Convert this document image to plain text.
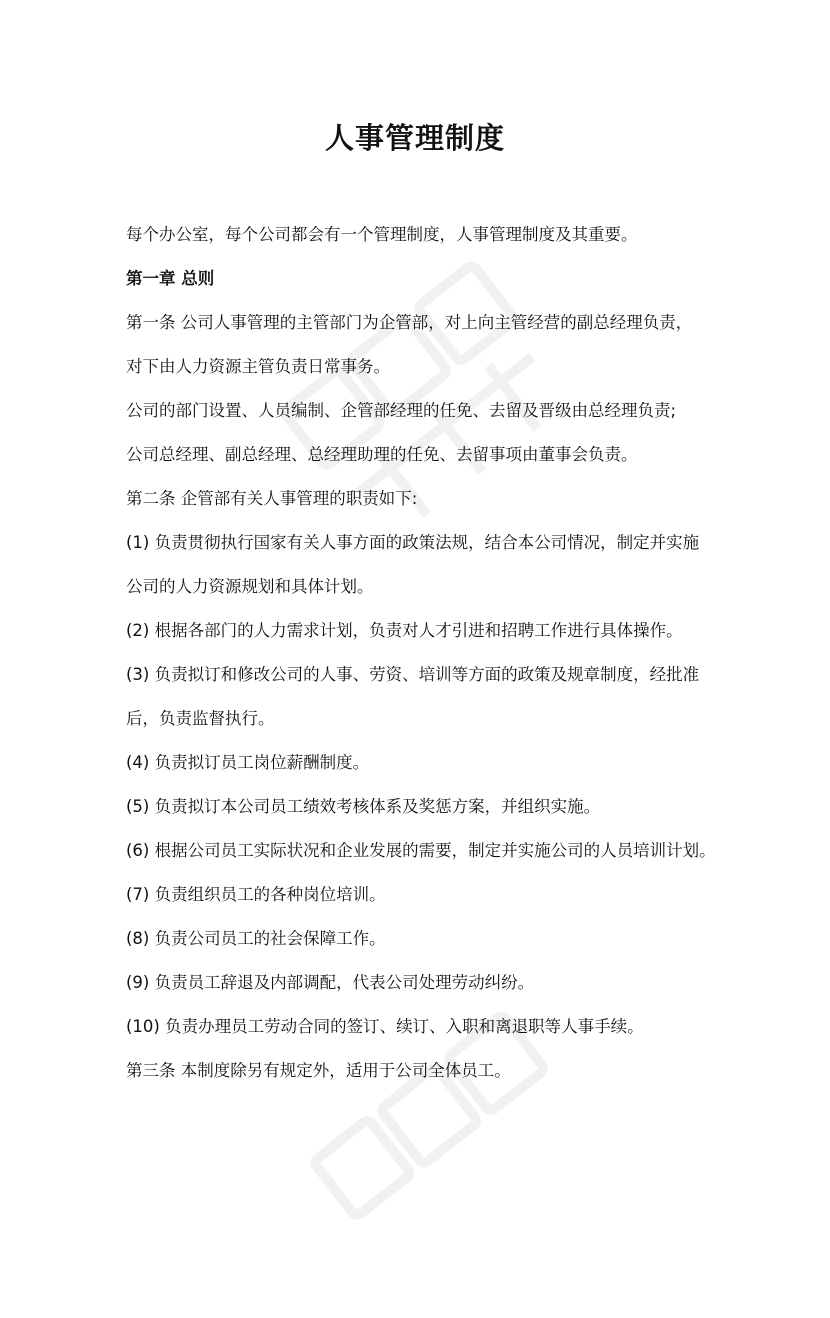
人事管理制度
每个办公室，每个公司都会有一个管理制度，人事管理制度及其重要。
第一章 总则
第一条 公司人事管理的主管部门为企管部，对上向主管经营的副总经理负责，
对下由人力资源主管负责日常事务。
公司的部门设置、人员编制、企管部经理的任免、去留及晋级由总经理负责;
公司总经理、副总经理、总经理助理的任免、去留事项由董事会负责。
第二条 企管部有关人事管理的职责如下:
(1) 负责贯彻执行国家有关人事方面的政策法规，结合本公司情况，制定并实施
公司的人力资源规划和具体计划。
(2) 根据各部门的人力需求计划，负责对人才引进和招聘工作进行具体操作。
(3) 负责拟订和修改公司的人事、劳资、培训等方面的政策及规章制度，经批准
后，负责监督执行。
(4) 负责拟订员工岗位薪酬制度。
(5) 负责拟订本公司员工绩效考核体系及奖惩方案，并组织实施。
(6) 根据公司员工实际状况和企业发展的需要，制定并实施公司的人员培训计划。
(7) 负责组织员工的各种岗位培训。
(8) 负责公司员工的社会保障工作。
(9) 负责员工辞退及内部调配，代表公司处理劳动纠纷。
(10) 负责办理员工劳动合同的签订、续订、入职和离退职等人事手续。
第三条 本制度除另有规定外，适用于公司全体员工。
